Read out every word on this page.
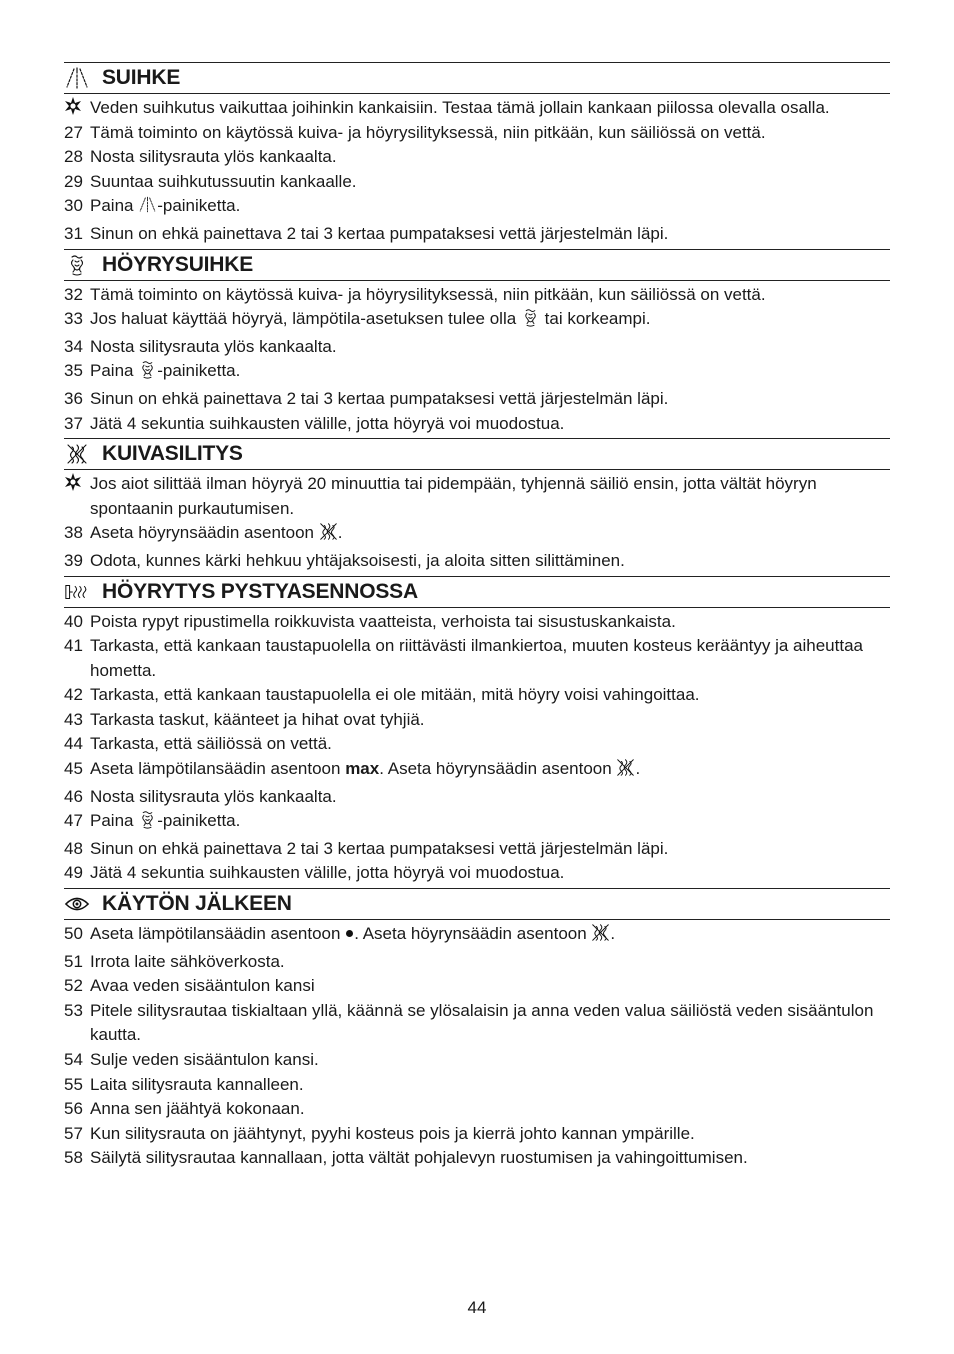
SUIHKE
Veden suihkutus vaikuttaa joihinkin kankaisiin. Testaa tämä jollain kankaan piilossa olevalla osalla.
27 Tämä toiminto on käytössä kuiva- ja höyrysilityksessä, niin pitkään, kun säiliössä on vettä.
28 Nosta silitysrauta ylös kankaalta.
29 Suuntaa suihkutussuutin kankaalle.
30 Paina -painiketta.
31 Sinun on ehkä painettava 2 tai 3 kertaa pumpataksesi vettä järjestelmän läpi.
HÖYRYSUIHKE
32 Tämä toiminto on käytössä kuiva- ja höyrysilityksessä, niin pitkään, kun säiliössä on vettä.
33 Jos haluat käyttää höyryä, lämpötila-asetuksen tulee olla  tai korkeampi.
34 Nosta silitysrauta ylös kankaalta.
35 Paina -painiketta.
36 Sinun on ehkä painettava 2 tai 3 kertaa pumpataksesi vettä järjestelmän läpi.
37 Jätä 4 sekuntia suihkausten välille, jotta höyryä voi muodostua.
KUIVASILITYS
Jos aiot silittää ilman höyryä 20 minuuttia tai pidempään, tyhjennä säiliö ensin, jotta vältät höyryn spontaanin purkautumisen.
38 Aseta höyrynsäädin asentoon .
39 Odota, kunnes kärki hehkuu yhtäjaksoisesti, ja aloita sitten silittäminen.
HÖYRYTYS PYSTYASENNOSSA
40 Poista rypyt ripustimella roikkuvista vaatteista, verhoista tai sisustuskankaista.
41 Tarkasta, että kankaan taustapuolella on riittävästi ilmankiertoa, muuten kosteus kerääntyy ja aiheuttaa hometta.
42 Tarkasta, että kankaan taustapuolella ei ole mitään, mitä höyry voisi vahingoittaa.
43 Tarkasta taskut, käänteet ja hihat ovat tyhjiä.
44 Tarkasta, että säiliössä on vettä.
45 Aseta lämpötilansäädin asentoon max. Aseta höyrynsäädin asentoon .
46 Nosta silitysrauta ylös kankaalta.
47 Paina -painiketta.
48 Sinun on ehkä painettava 2 tai 3 kertaa pumpataksesi vettä järjestelmän läpi.
49 Jätä 4 sekuntia suihkausten välille, jotta höyryä voi muodostua.
KÄYTÖN JÄLKEEN
50 Aseta lämpötilansäädin asentoon . Aseta höyrynsäädin asentoon .
51 Irrota laite sähköverkosta.
52 Avaa veden sisääntulon kansi
53 Pitele silitysrautaa tiskialtaan yllä, käännä se ylösalaisin ja anna veden valua säiliöstä veden sisääntulon kautta.
54 Sulje veden sisääntulon kansi.
55 Laita silitysrauta kannalleen.
56 Anna sen jäähtyä kokonaan.
57 Kun silitysrauta on jäähtynyt, pyyhi kosteus pois ja kierrä johto kannan ympärille.
58 Säilytä silitysrautaa kannallaan, jotta vältät pohjalevyn ruostumisen ja vahingoittumisen.
44
